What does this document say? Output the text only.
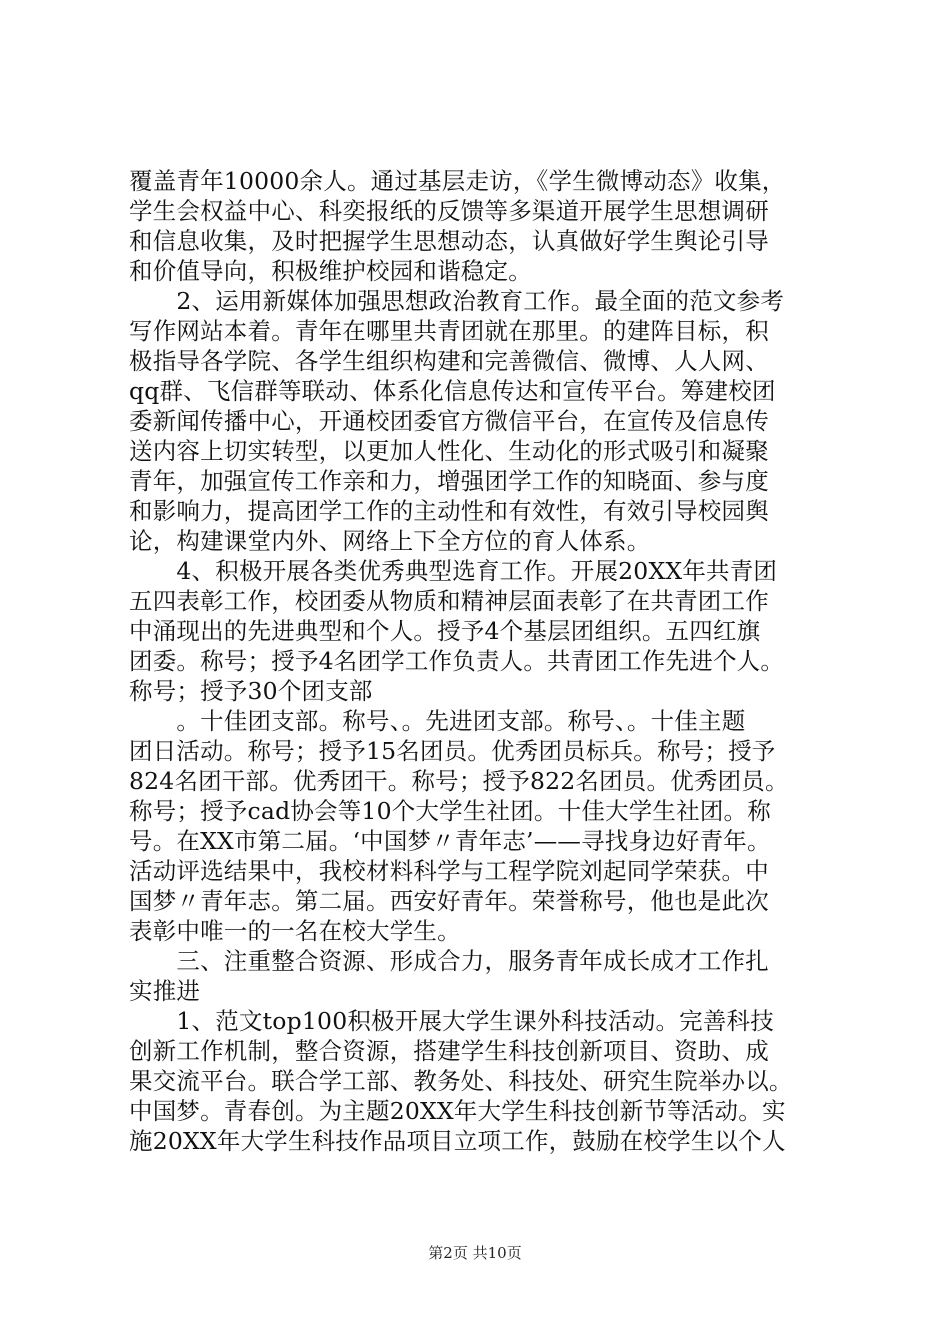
覆盖青年10000余人。通过基层走访，《学生微博动态》收集，
学生会权益中心、科奕报纸的反馈等多渠道开展学生思想调研
和信息收集，及时把握学生思想动态，认真做好学生舆论引导
和价值导向，积极维护校园和谐稳定。
　　2、运用新媒体加强思想政治教育工作。最全面的范文参考
写作网站本着。青年在哪里共青团就在那里。的建阵目标，积
极指导各学院、各学生组织构建和完善微信、微博、人人网、
qq群、飞信群等联动、体系化信息传达和宣传平台。筹建校团
委新闻传播中心，开通校团委官方微信平台，在宣传及信息传
送内容上切实转型，以更加人性化、生动化的形式吸引和凝聚
青年，加强宣传工作亲和力，增强团学工作的知晓面、参与度
和影响力，提高团学工作的主动性和有效性，有效引导校园舆
论，构建课堂内外、网络上下全方位的育人体系。
　　4、积极开展各类优秀典型选育工作。开展20XX年共青团
五四表彰工作，校团委从物质和精神层面表彰了在共青团工作
中涌现出的先进典型和个人。授予4个基层团组织。五四红旗
团委。称号；授予4名团学工作负责人。共青团工作先进个人。
称号；授予30个团支部
　　。十佳团支部。称号、。先进团支部。称号、。十佳主题
团日活动。称号；授予15名团员。优秀团员标兵。称号；授予
824名团干部。优秀团干。称号；授予822名团员。优秀团员。
称号；授予cad协会等10个大学生社团。十佳大学生社团。称
号。在XX市第二届。‘中国梦〃青年志’——寻找身边好青年。
活动评选结果中，我校材料科学与工程学院刘起同学荣获。中
国梦〃青年志。第二届。西安好青年。荣誉称号，他也是此次
表彰中唯一的一名在校大学生。
　　三、注重整合资源、形成合力，服务青年成长成才工作扎
实推进
　　1、范文top100积极开展大学生课外科技活动。完善科技
创新工作机制，整合资源，搭建学生科技创新项目、资助、成
果交流平台。联合学工部、教务处、科技处、研究生院举办以。
中国梦。青春创。为主题20XX年大学生科技创新节等活动。实
施20XX年大学生科技作品项目立项工作，鼓励在校学生以个人
第2页 共10页
